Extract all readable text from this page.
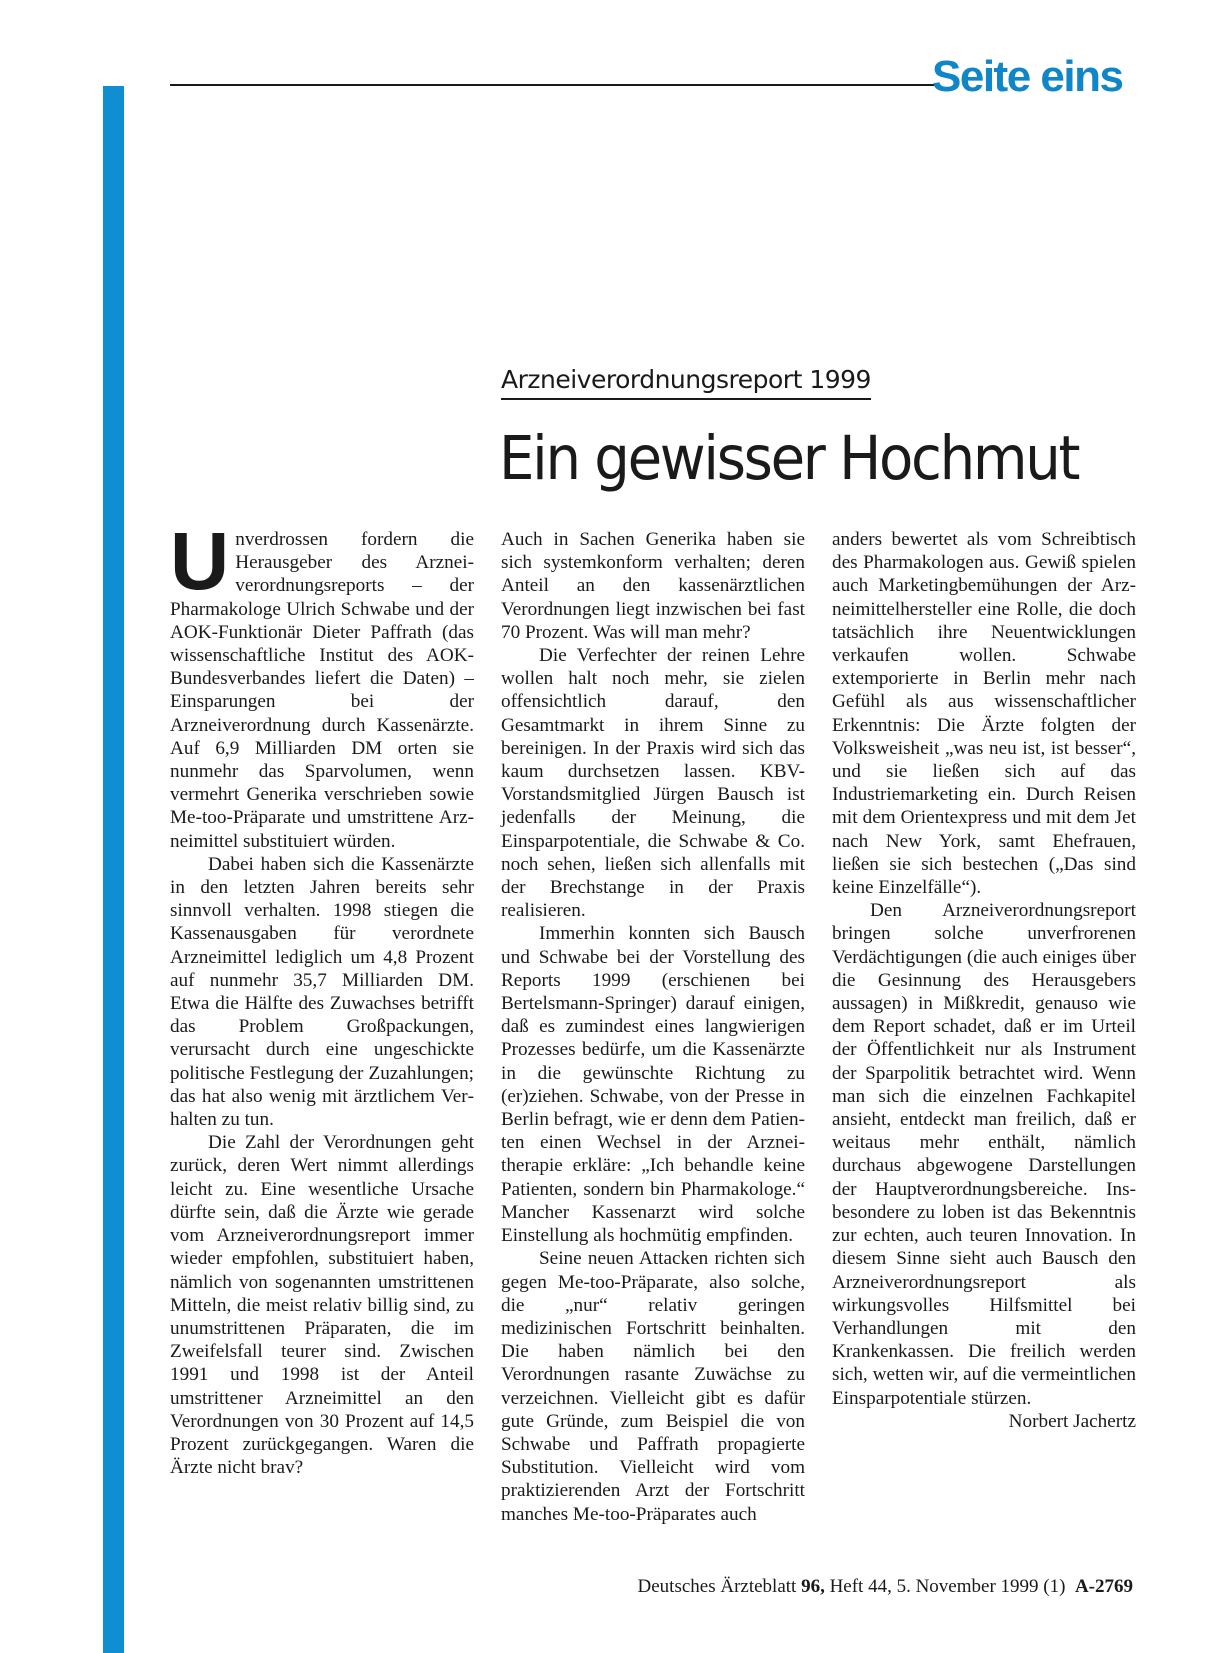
Seite eins
Arzneiverordnungsreport 1999
Ein gewisser Hochmut

Unverdrossen fordern die Herausgeber des Arzneiverordnungsreports – der Pharmakologe Ulrich Schwabe und der AOK-Funktionär Dieter Paffrath (das wissenschaftliche Institut des AOK-Bundesverbandes liefert die Daten) – Einsparungen bei der Arzneiverordnung durch Kassenärzte. Auf 6,9 Milliarden DM orten sie nunmehr das Sparvolumen, wenn vermehrt Generika verschrieben sowie Me-too-Präparate und umstrittene Arzneimittel substituiert würden.

Dabei haben sich die Kassenärzte in den letzten Jahren bereits sehr sinnvoll verhalten. 1998 stiegen die Kassenausgaben für verordnete Arzneimittel lediglich um 4,8 Prozent auf nunmehr 35,7 Milliarden DM. Etwa die Hälfte des Zuwachses betrifft das Problem Großpackungen, verursacht durch eine ungeschickte politische Festlegung der Zuzahlungen; das hat also wenig mit ärztlichem Verhalten zu tun.

Die Zahl der Verordnungen geht zurück, deren Wert nimmt allerdings leicht zu. Eine wesentliche Ursache dürfte sein, daß die Ärzte wie gerade vom Arzneiverordnungsreport immer wieder empfohlen, substituiert haben, nämlich von sogenannten umstrittenen Mitteln, die meist relativ billig sind, zu unumstrittenen Präparaten, die im Zweifelsfall teurer sind. Zwischen 1991 und 1998 ist der Anteil umstrittener Arzneimittel an den Verordnungen von 30 Prozent auf 14,5 Prozent zurückgegangen. Waren die Ärzte nicht brav?

Auch in Sachen Generika haben sie sich systemkonform verhalten; deren Anteil an den kassenärztlichen Verordnungen liegt inzwischen bei fast 70 Prozent. Was will man mehr?

Die Verfechter der reinen Lehre wollen halt noch mehr, sie zielen offensichtlich darauf, den Gesamtmarkt in ihrem Sinne zu bereinigen. In der Praxis wird sich das kaum durchsetzen lassen. KBV-Vorstandsmitglied Jürgen Bausch ist jedenfalls der Meinung, die Einsparpotentiale, die Schwabe & Co. noch sehen, ließen sich allenfalls mit der Brechstange in der Praxis realisieren.

Immerhin konnten sich Bausch und Schwabe bei der Vorstellung des Reports 1999 (erschienen bei Bertelsmann-Springer) darauf einigen, daß es zumindest eines langwierigen Prozesses bedürfe, um die Kassenärzte in die gewünschte Richtung zu (er)ziehen. Schwabe, von der Presse in Berlin befragt, wie er denn dem Patienten einen Wechsel in der Arzneitherapie erkläre: „Ich behandle keine Patienten, sondern bin Pharmakologe.“ Mancher Kassenarzt wird solche Einstellung als hochmütig empfinden.

Seine neuen Attacken richten sich gegen Me-too-Präparate, also solche, die „nur“ relativ geringen medizinischen Fortschritt beinhalten. Die haben nämlich bei den Verordnungen rasante Zuwächse zu verzeichnen. Vielleicht gibt es dafür gute Gründe, zum Beispiel die von Schwabe und Paffrath propagierte Substitution. Vielleicht wird vom praktizierenden Arzt der Fortschritt manches Me-too-Präparates auch

anders bewertet als vom Schreibtisch des Pharmakologen aus. Gewiß spielen auch Marketingbemühungen der Arzneimittelhersteller eine Rolle, die doch tatsächlich ihre Neuentwicklungen verkaufen wollen. Schwabe extemporierte in Berlin mehr nach Gefühl als aus wissenschaftlicher Erkenntnis: Die Ärzte folgten der Volksweisheit „was neu ist, ist besser“, und sie ließen sich auf das Industriemarketing ein. Durch Reisen mit dem Orientexpress und mit dem Jet nach New York, samt Ehefrauen, ließen sie sich bestechen („Das sind keine Einzelfälle“).

Den Arzneiverordnungsreport bringen solche unverfrorenen Verdächtigungen (die auch einiges über die Gesinnung des Herausgebers aussagen) in Mißkredit, genauso wie dem Report schadet, daß er im Urteil der Öffentlichkeit nur als Instrument der Sparpolitik betrachtet wird. Wenn man sich die einzelnen Fachkapitel ansieht, entdeckt man freilich, daß er weitaus mehr enthält, nämlich durchaus abgewogene Darstellungen der Hauptverordnungsbereiche. Insbesondere zu loben ist das Bekenntnis zur echten, auch teuren Innovation. In diesem Sinne sieht auch Bausch den Arzneiverordnungsreport als wirkungsvolles Hilfsmittel bei Verhandlungen mit den Krankenkassen. Die freilich werden sich, wetten wir, auf die vermeintlichen Einsparpotentiale stürzen.

Norbert Jachertz
Deutsches Ärzteblatt 96, Heft 44, 5. November 1999 (1) A-2769
